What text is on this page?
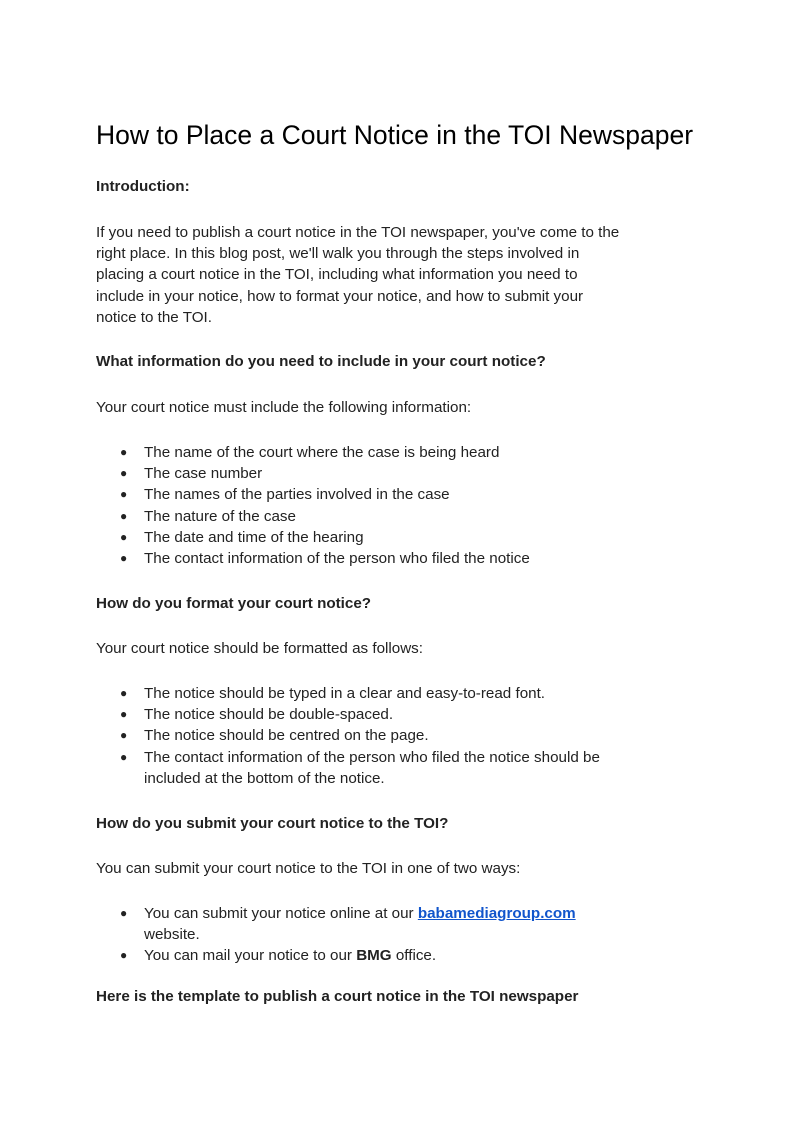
How to Place a Court Notice in the TOI Newspaper
Introduction:

If you need to publish a court notice in the TOI newspaper, you've come to the
right place. In this blog post, we'll walk you through the steps involved in
placing a court notice in the TOI, including what information you need to
include in your notice, how to format your notice, and how to submit your
notice to the TOI.

What information do you need to include in your court notice?

Your court notice must include the following information:

● The name of the court where the case is being heard
● The case number
● The names of the parties involved in the case
● The nature of the case
● The date and time of the hearing
● The contact information of the person who filed the notice
How do you format your court notice?

Your court notice should be formatted as follows:

● The notice should be typed in a clear and easy-to-read font.
● The notice should be double-spaced.
● The notice should be centred on the page.
● The contact information of the person who filed the notice should be
included at the bottom of the notice.
How do you submit your court notice to the TOI?

You can submit your court notice to the TOI in one of two ways:

● You can submit your notice online at our babamediagroup.com
website.
● You can mail your notice to our BMG office.
Here is the template to publish a court notice in the TOI newspaper
